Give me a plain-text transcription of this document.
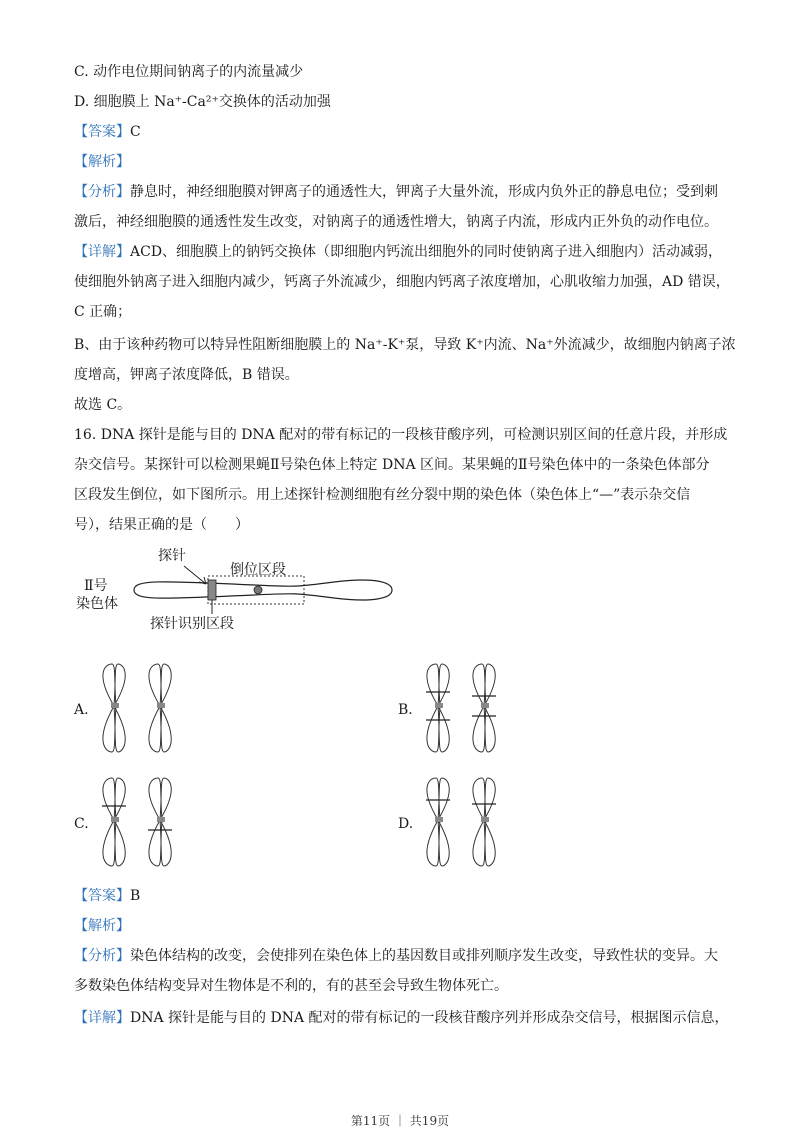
C. 动作电位期间钠离子的内流量减少
D. 细胞膜上 Na⁺-Ca²⁺交换体的活动加强
【答案】C
【解析】
【分析】静息时，神经细胞膜对钾离子的通透性大，钾离子大量外流，形成内负外正的静息电位；受到刺
激后，神经细胞膜的通透性发生改变，对钠离子的通透性增大，钠离子内流，形成内正外负的动作电位。
【详解】ACD、细胞膜上的钠钙交换体（即细胞内钙流出细胞外的同时使钠离子进入细胞内）活动减弱，
使细胞外钠离子进入细胞内减少，钙离子外流减少，细胞内钙离子浓度增加，心肌收缩力加强，AD 错误，
C 正确；
B、由于该种药物可以特异性阻断细胞膜上的 Na⁺-K⁺泵，导致 K⁺内流、Na⁺外流减少，故细胞内钠离子浓
度增高，钾离子浓度降低，B 错误。
故选 C。
16. DNA 探针是能与目的 DNA 配对的带有标记的一段核苷酸序列，可检测识别区间的任意片段，并形成
杂交信号。某探针可以检测果蝇Ⅱ号染色体上特定 DNA 区间。某果蝇的Ⅱ号染色体中的一条染色体部分
区段发生倒位，如下图所示。用上述探针检测细胞有丝分裂中期的染色体（染色体上“—”表示杂交信
号），结果正确的是（　　）
探针
倒位区段
Ⅱ号
染色体
探针识别区段
A.	B.
C.	D.
【答案】B
【解析】
【分析】染色体结构的改变，会使排列在染色体上的基因数目或排列顺序发生改变，导致性状的变异。大
多数染色体结构变异对生物体是不利的，有的甚至会导致生物体死亡。
【详解】DNA 探针是能与目的 DNA 配对的带有标记的一段核苷酸序列并形成杂交信号，根据图示信息，
第11页 ｜ 共19页
